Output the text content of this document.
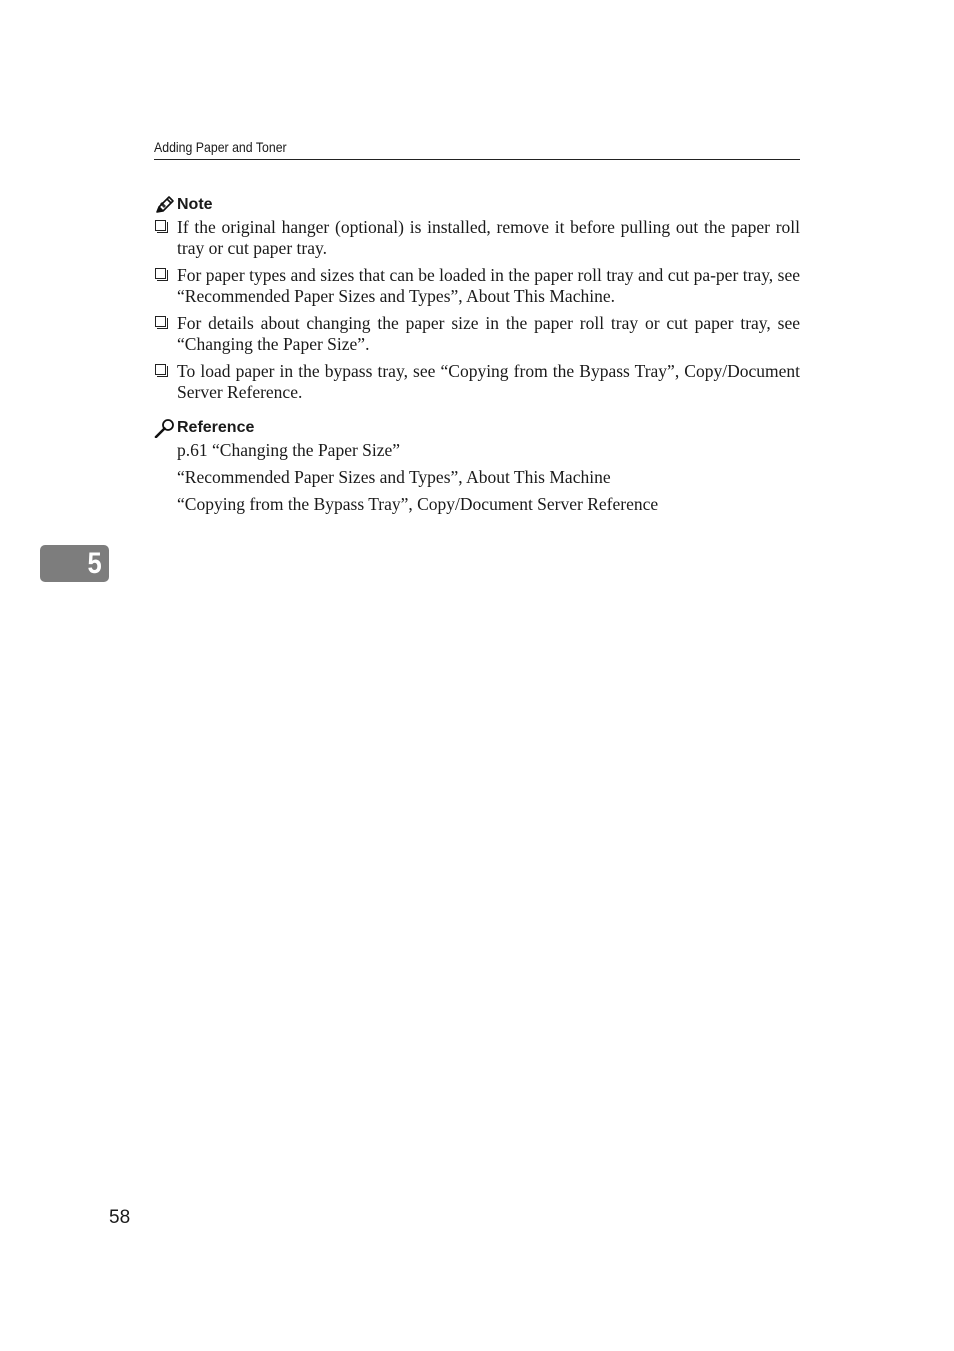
Adding Paper and Toner
Note
If the original hanger (optional) is installed, remove it before pulling out the paper roll tray or cut paper tray.
For paper types and sizes that can be loaded in the paper roll tray and cut pa-per tray, see “Recommended Paper Sizes and Types”, About This Machine.
For details about changing the paper size in the paper roll tray or cut paper tray, see “Changing the Paper Size”.
To load paper in the bypass tray, see “Copying from the Bypass Tray”, Copy/Document Server Reference.
Reference
p.61 “Changing the Paper Size”
“Recommended Paper Sizes and Types”, About This Machine
“Copying from the Bypass Tray”, Copy/Document Server Reference
5
58
